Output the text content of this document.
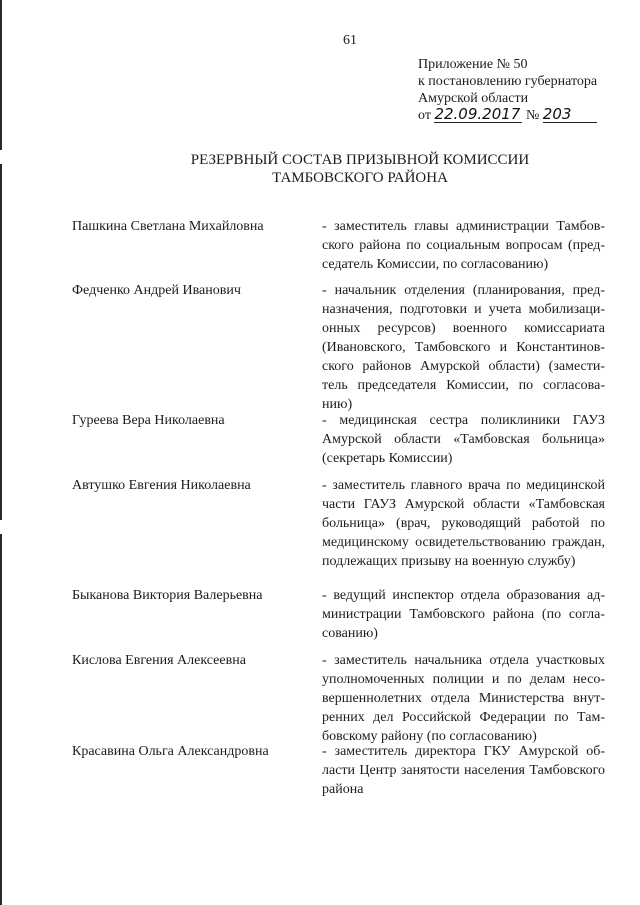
61
Приложение № 50
к постановлению губернатора
Амурской области
от 22.09.2017 № 203
РЕЗЕРВНЫЙ СОСТАВ ПРИЗЫВНОЙ КОМИССИИ
ТАМБОВСКОГО РАЙОНА
Пашкина Светлана Михайловна	- заместитель главы администрации Тамбовского района по социальным вопросам (председатель Комиссии, по согласованию)
Федченко Андрей Иванович	- начальник отделения (планирования, предназначения, подготовки и учета мобилизационных ресурсов) военного комиссариата (Ивановского, Тамбовского и Константиновского районов Амурской области) (заместитель председателя Комиссии, по согласованию)
Гуреева Вера Николаевна	- медицинская сестра поликлиники ГАУЗ Амурской области «Тамбовская больница» (секретарь Комиссии)
Автушко Евгения Николаевна	- заместитель главного врача по медицинской части ГАУЗ Амурской области «Тамбовская больница» (врач, руководящий работой по медицинскому освидетельствованию граждан, подлежащих призыву на военную службу)
Быканова Виктория Валерьевна	- ведущий инспектор отдела образования администрации Тамбовского района (по согласованию)
Кислова Евгения Алексеевна	- заместитель начальника отдела участковых уполномоченных полиции и по делам несовершеннолетних отдела Министерства внутренних дел Российской Федерации по Тамбовскому району (по согласованию)
Красавина Ольга Александровна	- заместитель директора ГКУ Амурской области Центр занятости населения Тамбовского района
